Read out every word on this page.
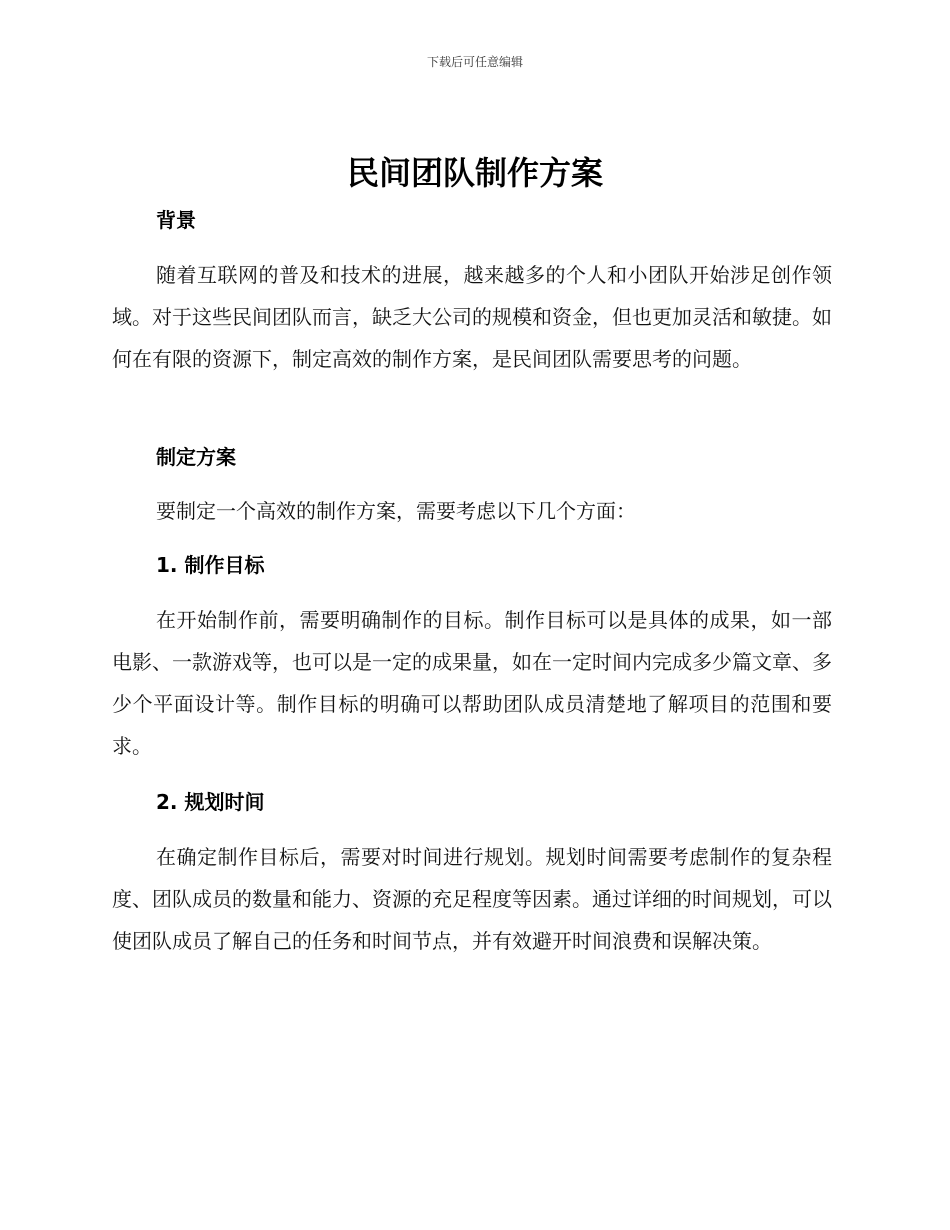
下载后可任意编辑
民间团队制作方案
背景

随着互联网的普及和技术的进展，越来越多的个人和小团队开始涉足创作领域。对于这些民间团队而言，缺乏大公司的规模和资金，但也更加灵活和敏捷。如何在有限的资源下，制定高效的制作方案，是民间团队需要思考的问题。

制定方案

要制定一个高效的制作方案，需要考虑以下几个方面：

1. 制作目标

在开始制作前，需要明确制作的目标。制作目标可以是具体的成果，如一部电影、一款游戏等，也可以是一定的成果量，如在一定时间内完成多少篇文章、多少个平面设计等。制作目标的明确可以帮助团队成员清楚地了解项目的范围和要求。

2. 规划时间

在确定制作目标后，需要对时间进行规划。规划时间需要考虑制作的复杂程度、团队成员的数量和能力、资源的充足程度等因素。通过详细的时间规划，可以使团队成员了解自己的任务和时间节点，并有效避开时间浪费和误解决策。
